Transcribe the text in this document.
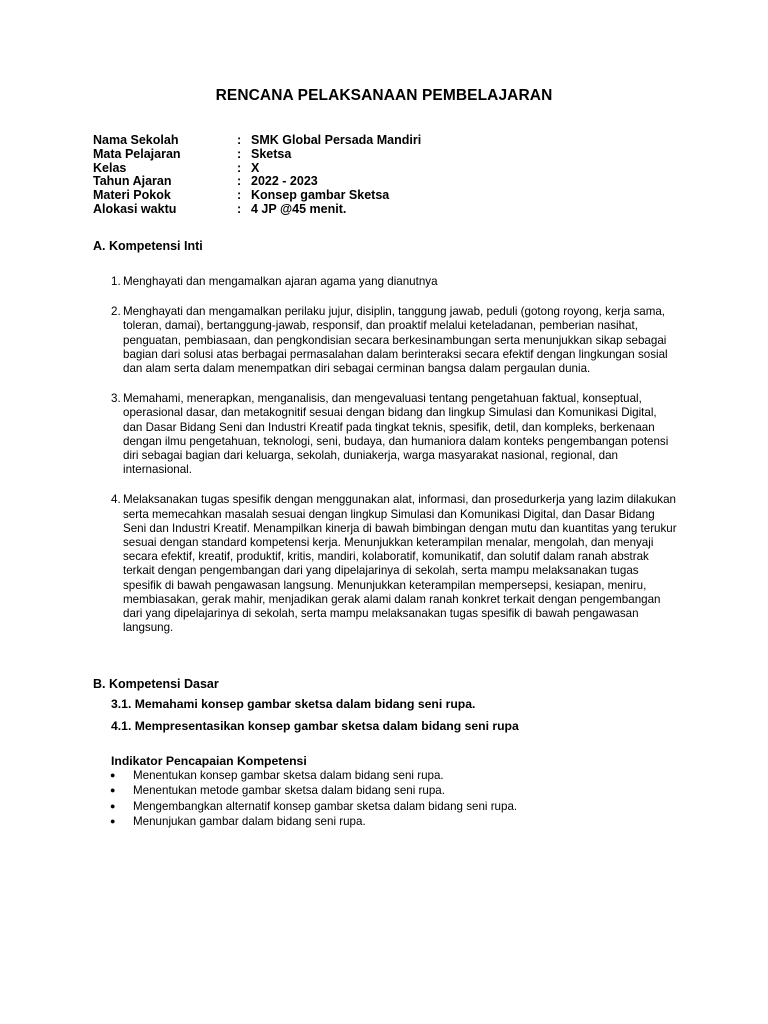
RENCANA PELAKSANAAN PEMBELAJARAN
Nama Sekolah	: SMK Global Persada Mandiri
Mata Pelajaran	: Sketsa
Kelas	: X
Tahun Ajaran	: 2022 - 2023
Materi Pokok	: Konsep gambar Sketsa
Alokasi waktu	: 4 JP @45 menit.
A. Kompetensi Inti
1. Menghayati dan mengamalkan ajaran agama yang dianutnya
2. Menghayati dan mengamalkan perilaku jujur, disiplin, tanggung jawab, peduli (gotong royong, kerja sama, toleran, damai), bertanggung-jawab, responsif, dan proaktif melalui keteladanan, pemberian nasihat, penguatan, pembiasaan, dan pengkondisian secara berkesinambungan serta menunjukkan sikap sebagai bagian dari solusi atas berbagai permasalahan dalam berinteraksi secara efektif dengan lingkungan sosial dan alam serta dalam menempatkan diri sebagai cerminan bangsa dalam pergaulan dunia.
3. Memahami, menerapkan, menganalisis, dan mengevaluasi tentang pengetahuan faktual, konseptual, operasional dasar, dan metakognitif sesuai dengan bidang dan lingkup Simulasi dan Komunikasi Digital, dan Dasar Bidang Seni dan Industri Kreatif pada tingkat teknis, spesifik, detil, dan kompleks, berkenaan dengan ilmu pengetahuan, teknologi, seni, budaya, dan humaniora dalam konteks pengembangan potensi diri sebagai bagian dari keluarga, sekolah, duniakerja, warga masyarakat nasional, regional, dan internasional.
4. Melaksanakan tugas spesifik dengan menggunakan alat, informasi, dan prosedurkerja yang lazim dilakukan serta memecahkan masalah sesuai dengan lingkup Simulasi dan Komunikasi Digital, dan Dasar Bidang Seni dan Industri Kreatif. Menampilkan kinerja di bawah bimbingan dengan mutu dan kuantitas yang terukur sesuai dengan standard kompetensi kerja. Menunjukkan keterampilan menalar, mengolah, dan menyaji secara efektif, kreatif, produktif, kritis, mandiri, kolaboratif, komunikatif, dan solutif dalam ranah abstrak terkait dengan pengembangan dari yang dipelajarinya di sekolah, serta mampu melaksanakan tugas spesifik di bawah pengawasan langsung. Menunjukkan keterampilan mempersepsi, kesiapan, meniru, membiasakan, gerak mahir, menjadikan gerak alami dalam ranah konkret terkait dengan pengembangan dari yang dipelajarinya di sekolah, serta mampu melaksanakan tugas spesifik di bawah pengawasan langsung.
B. Kompetensi Dasar
3.1. Memahami konsep gambar sketsa dalam bidang seni rupa.
4.1. Mempresentasikan konsep gambar sketsa dalam bidang seni rupa
Indikator Pencapaian Kompetensi
● Menentukan konsep gambar sketsa dalam bidang seni rupa.
● Menentukan metode gambar sketsa dalam bidang seni rupa.
● Mengembangkan alternatif konsep gambar sketsa dalam bidang seni rupa.
● Menunjukan gambar dalam bidang seni rupa.
